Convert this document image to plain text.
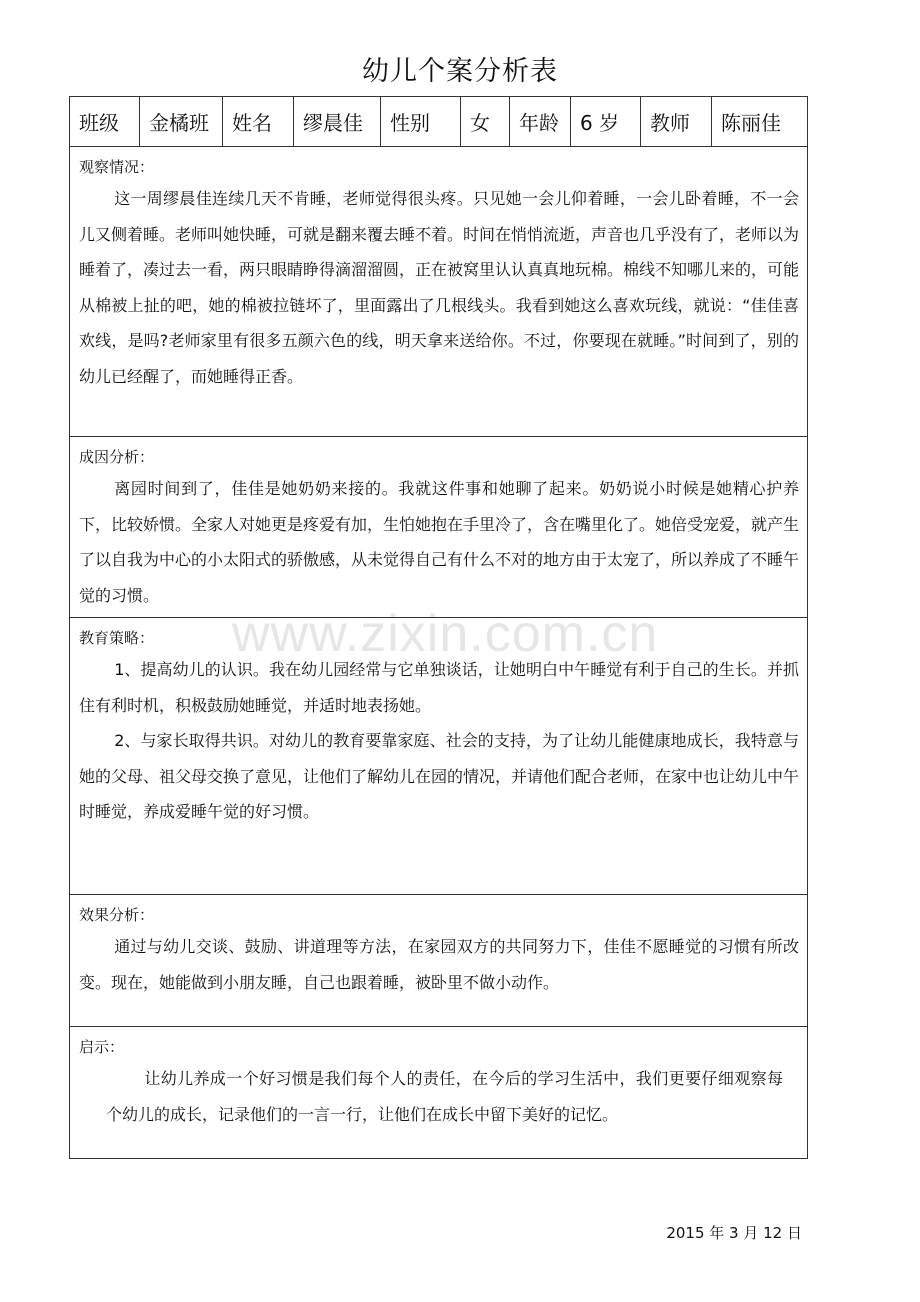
幼儿个案分析表
www.zixin.com.cn
班级	金橘班	姓名	缪晨佳	性别	女	年龄	6 岁	教师	陈丽佳

观察情况：
这一周缪晨佳连续几天不肯睡，老师觉得很头疼。只见她一会儿仰着睡，一会儿卧着睡，不一会儿又侧着睡。老师叫她快睡，可就是翻来覆去睡不着。时间在悄悄流逝，声音也几乎没有了，老师以为睡着了，凑过去一看，两只眼睛睁得滴溜溜圆，正在被窝里认认真真地玩棉。棉线不知哪儿来的，可能从棉被上扯的吧，她的棉被拉链坏了，里面露出了几根线头。我看到她这么喜欢玩线，就说：“佳佳喜欢线，是吗?老师家里有很多五颜六色的线，明天拿来送给你。不过，你要现在就睡。”时间到了，别的幼儿已经醒了，而她睡得正香。

成因分析：
离园时间到了，佳佳是她奶奶来接的。我就这件事和她聊了起来。奶奶说小时候是她精心护养下，比较娇惯。全家人对她更是疼爱有加，生怕她抱在手里冷了，含在嘴里化了。她倍受宠爱，就产生了以自我为中心的小太阳式的骄傲感，从未觉得自己有什么不对的地方由于太宠了，所以养成了不睡午觉的习惯。

教育策略：

1、提高幼儿的认识。我在幼儿园经常与它单独谈话，让她明白中午睡觉有利于自己的生长。并抓住有利时机，积极鼓励她睡觉，并适时地表扬她。

2、与家长取得共识。对幼儿的教育要靠家庭、社会的支持，为了让幼儿能健康地成长，我特意与她的父母、祖父母交换了意见，让他们了解幼儿在园的情况，并请他们配合老师，在家中也让幼儿中午时睡觉，养成爱睡午觉的好习惯。

效果分析：
通过与幼儿交谈、鼓励、讲道理等方法，在家园双方的共同努力下，佳佳不愿睡觉的习惯有所改变。现在，她能做到小朋友睡，自己也跟着睡，被卧里不做小动作。

启示：
让幼儿养成一个好习惯是我们每个人的责任，在今后的学习生活中，我们更要仔细观察每个幼儿的成长，记录他们的一言一行，让他们在成长中留下美好的记忆。
2015 年 3 月 12 日
